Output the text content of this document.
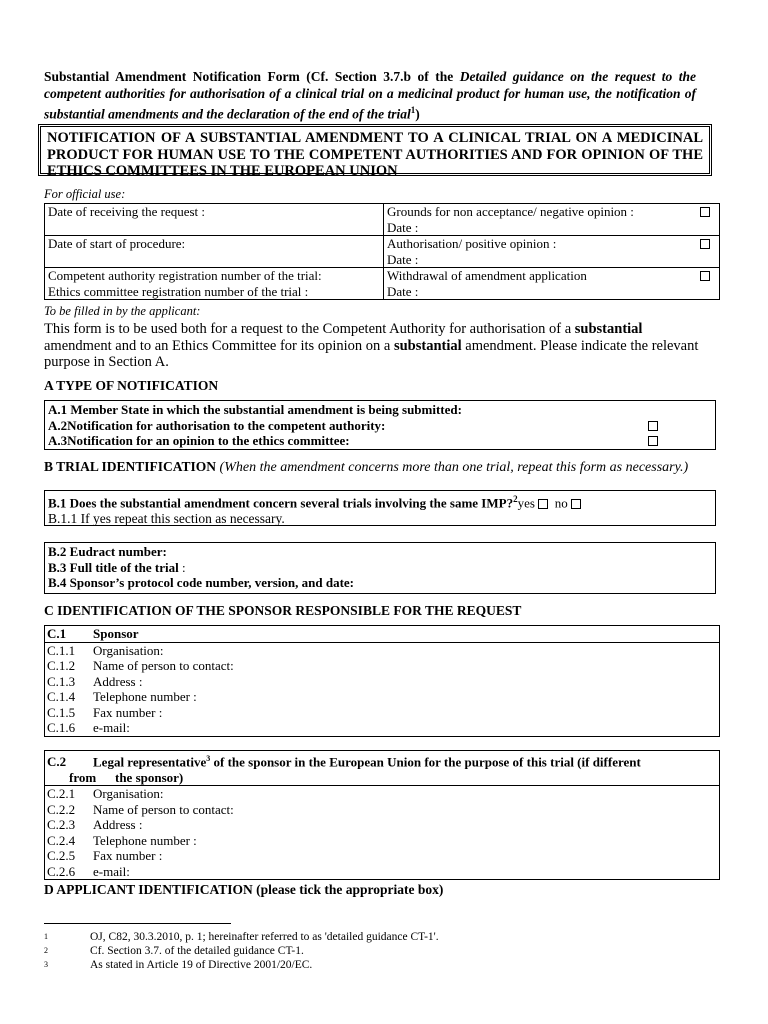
Substantial Amendment Notification Form (Cf. Section 3.7.b of the Detailed guidance on the request to the competent authorities for authorisation of a clinical trial on a medicinal product for human use, the notification of substantial amendments and the declaration of the end of the trial$^1$)
NOTIFICATION OF A SUBSTANTIAL AMENDMENT TO A CLINICAL TRIAL ON A MEDICINAL PRODUCT FOR HUMAN USE TO THE COMPETENT AUTHORITIES AND FOR OPINION OF THE ETHICS COMMITTEES IN THE EUROPEAN UNION
For official use:
Date of receiving the request :	Grounds for non acceptance/ negative opinion :

Date :
Date of start of procedure:	Authorisation/ positive opinion :

Date :
Competent authority registration number of the trial:
Ethics committee registration number of the trial :	Withdrawal of amendment application

Date :
To be filled in by the applicant:
This form is to be used both for a request to the Competent Authority for authorisation of a substantial amendment and to an Ethics Committee for its opinion on a substantial amendment. Please indicate the relevant purpose in Section A.
A TYPE OF NOTIFICATION
A.1 Member State in which the substantial amendment is being submitted:
A.2Notification for authorisation to the competent authority:
A.3Notification for an opinion to the ethics committee:
B TRIAL IDENTIFICATION (When the amendment concerns more than one trial, repeat this form as necessary.)
B.1 Does the substantial amendment concern several trials involving the same IMP?$^2$yes no
B.1.1 If yes repeat this section as necessary.
B.2 Eudract number:
B.3 Full title of the trial :
B.4 Sponsor’s protocol code number, version, and date:
C IDENTIFICATION OF THE SPONSOR RESPONSIBLE FOR THE REQUEST
C.1 Sponsor
C.1.1 Organisation:
C.1.2 Name of person to contact:
C.1.3 Address :
C.1.4 Telephone number :
C.1.5 Fax number :
C.1.6 e-mail:
C.2 Legal representative$^3$ of the sponsor in the European Union for the purpose of this trial (if different
from the sponsor)
C.2.1 Organisation:
C.2.2 Name of person to contact:
C.2.3 Address :
C.2.4 Telephone number :
C.2.5 Fax number :
C.2.6 e-mail:
D APPLICANT IDENTIFICATION (please tick the appropriate box)
1	OJ, C82, 30.3.2010, p. 1; hereinafter referred to as 'detailed guidance CT-1'.
2	Cf. Section 3.7. of the detailed guidance CT-1.
3	As stated in Article 19 of Directive 2001/20/EC.
